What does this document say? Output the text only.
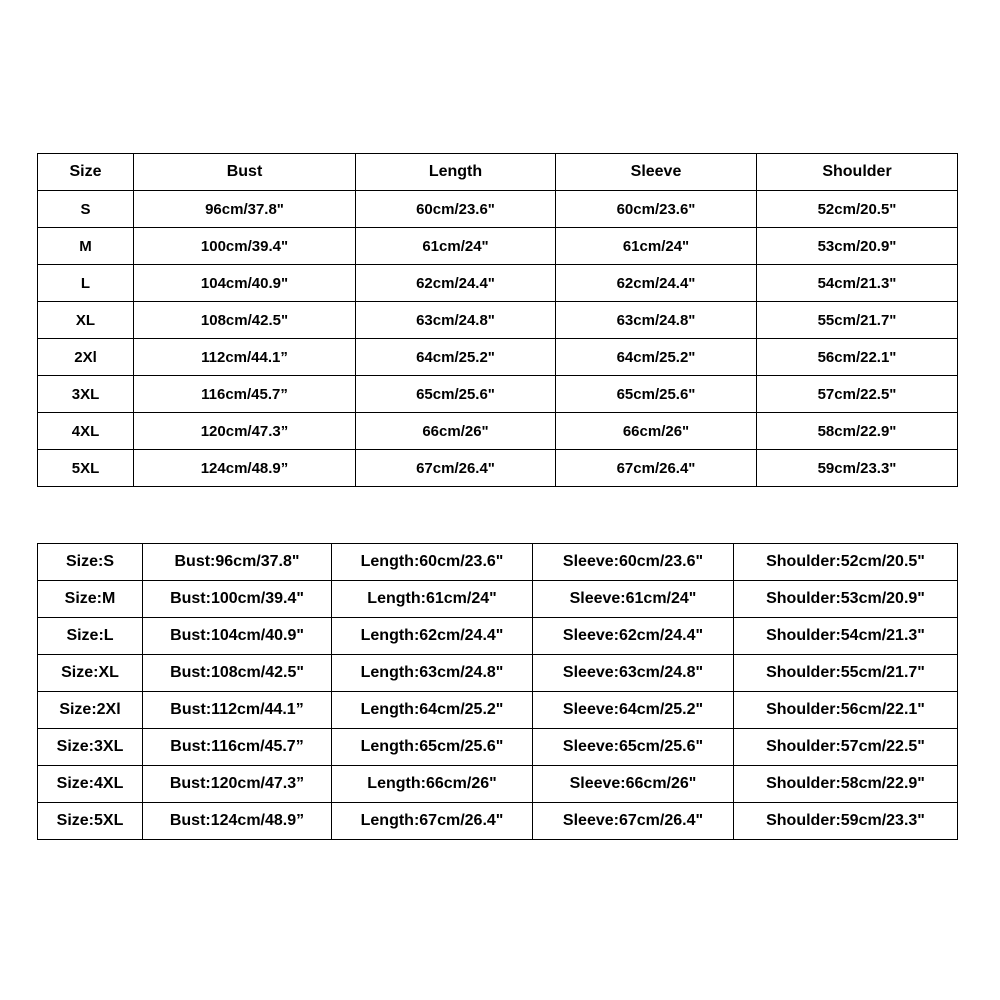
Size	Bust	Length	Sleeve	Shoulder
S	96cm/37.8"	60cm/23.6"	60cm/23.6"	52cm/20.5"
M	100cm/39.4"	61cm/24"	61cm/24"	53cm/20.9"
L	104cm/40.9"	62cm/24.4"	62cm/24.4"	54cm/21.3"
XL	108cm/42.5"	63cm/24.8"	63cm/24.8"	55cm/21.7"
2Xl	112cm/44.1”	64cm/25.2"	64cm/25.2"	56cm/22.1"
3XL	116cm/45.7”	65cm/25.6"	65cm/25.6"	57cm/22.5"
4XL	120cm/47.3”	66cm/26"	66cm/26"	58cm/22.9"
5XL	124cm/48.9”	67cm/26.4"	67cm/26.4"	59cm/23.3"
Size:S	Bust:96cm/37.8"	Length:60cm/23.6"	Sleeve:60cm/23.6"	Shoulder:52cm/20.5"
Size:M	Bust:100cm/39.4"	Length:61cm/24"	Sleeve:61cm/24"	Shoulder:53cm/20.9"
Size:L	Bust:104cm/40.9"	Length:62cm/24.4"	Sleeve:62cm/24.4"	Shoulder:54cm/21.3"
Size:XL	Bust:108cm/42.5"	Length:63cm/24.8"	Sleeve:63cm/24.8"	Shoulder:55cm/21.7"
Size:2Xl	Bust:112cm/44.1”	Length:64cm/25.2"	Sleeve:64cm/25.2"	Shoulder:56cm/22.1"
Size:3XL	Bust:116cm/45.7”	Length:65cm/25.6"	Sleeve:65cm/25.6"	Shoulder:57cm/22.5"
Size:4XL	Bust:120cm/47.3”	Length:66cm/26"	Sleeve:66cm/26"	Shoulder:58cm/22.9"
Size:5XL	Bust:124cm/48.9”	Length:67cm/26.4"	Sleeve:67cm/26.4"	Shoulder:59cm/23.3"
